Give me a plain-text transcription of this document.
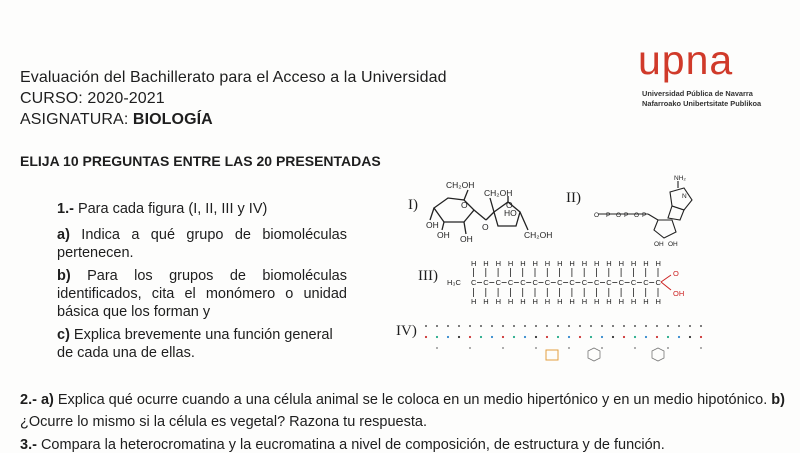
Evaluación del Bachillerato para el Acceso a la Universidad
CURSO: 2020-2021
ASIGNATURA: BIOLOGÍA
upna
Universidad Pública de Navarra
Nafarroako Unibertsitate Publikoa
ELIJA 10 PREGUNTAS ENTRE LAS 20 PRESENTADAS
1.- Para cada figura (I, II, III y IV)
a) Indica a qué grupo de biomoléculas pertenecen.
b) Para los grupos de biomoléculas identificados, cita el monómero o unidad básica que los forman y
c) Explica brevemente una función general de cada una de ellas.
I)	II)
III)
IV)
CH₂OH
CH₂OH
HO
OH
OH OH	CH₂OH
O
O
O
NH₂
N
O P O P O P
OH OH
H
C
H
H
C
H
H
C
H
H
C
H
H
C
H
H
C
H
H
C
H
H
C
H
H
C
H
H
C
H
H
C
H
H
C
H
H
C
H
H
C
H
H
C
H
H
C
H
H₃C
O
OH
2.- a) Explica qué ocurre cuando a una célula animal se le coloca en un medio hipertónico y en un medio hipotónico. b) ¿Ocurre lo mismo si la célula es vegetal? Razona tu respuesta.
3.- Compara la heterocromatina y la eucromatina a nivel de composición, de estructura y de función.
